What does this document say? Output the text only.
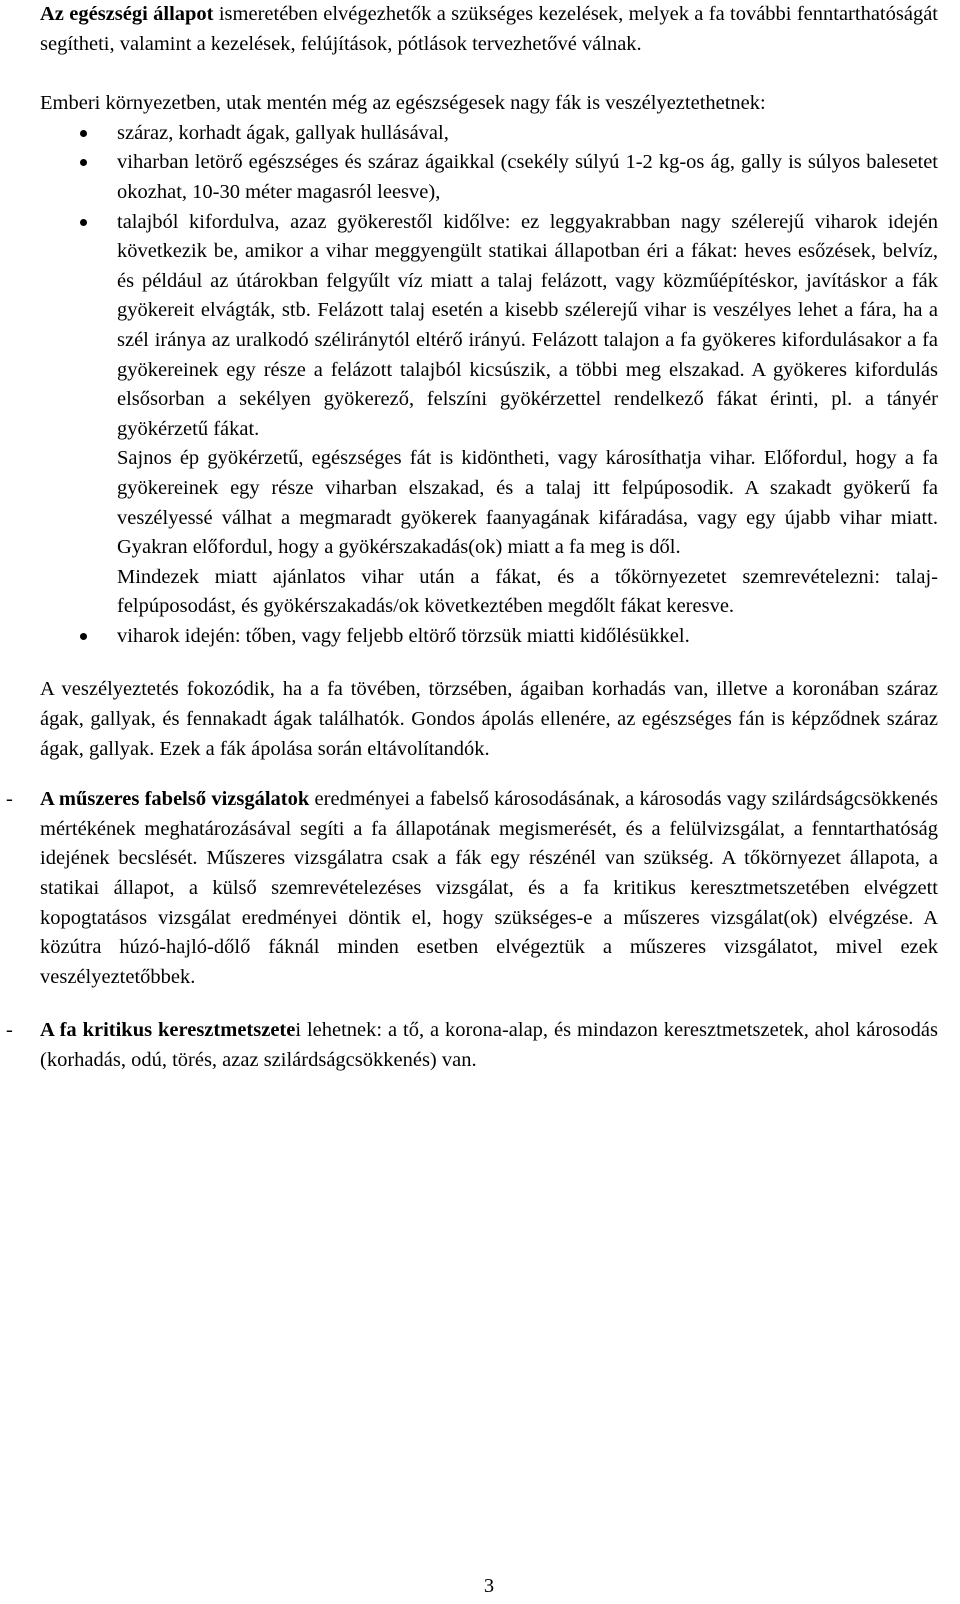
Az egészségi állapot ismeretében elvégezhetők a szükséges kezelések, melyek a fa további fenntarthatóságát segítheti, valamint a kezelések, felújítások, pótlások tervezhetővé válnak.

Emberi környezetben, utak mentén még az egészségesek nagy fák is veszélyeztethetnek:

száraz, korhadt ágak, gallyak hullásával,

viharban letörő egészséges és száraz ágaikkal (csekély súlyú 1-2 kg-os ág, gally is súlyos balesetet okozhat, 10-30 méter magasról leesve),

talajból kifordulva, azaz gyökerestől kidőlve: ez leggyakrabban nagy szélerejű viharok idején következik be, amikor a vihar meggyengült statikai állapotban éri a fákat: heves esőzések, belvíz, és például az útárokban felgyűlt víz miatt a talaj felázott, vagy közműépítéskor, javításkor a fák gyökereit elvágták, stb. Felázott talaj esetén a kisebb szélerejű vihar is veszélyes lehet a fára, ha a szél iránya az uralkodó széliránytól eltérő irányú. Felázott talajon a fa gyökeres kifordulásakor a fa gyökereinek egy része a felázott talajból kicsúszik, a többi meg elszakad. A gyökeres kifordulás elsősorban a sekélyen gyökerező, felszíni gyökérzettel rendelkező fákat érinti, pl. a tányér gyökérzetű fákat.

Sajnos ép gyökérzetű, egészséges fát is kidöntheti, vagy károsíthatja vihar. Előfordul, hogy a fa gyökereinek egy része viharban elszakad, és a talaj itt felpúposodik. A szakadt gyökerű fa veszélyessé válhat a megmaradt gyökerek faanyagának kifáradása, vagy egy újabb vihar miatt. Gyakran előfordul, hogy a gyökérszakadás(ok) miatt a fa meg is dől.

Mindezek miatt ajánlatos vihar után a fákat, és a tőkörnyezetet szemrevételezni: talaj-felpúposodást, és gyökérszakadás/ok következtében megdőlt fákat keresve.

viharok idején: tőben, vagy feljebb eltörő törzsük miatti kidőlésükkel.

A veszélyeztetés fokozódik, ha a fa tövében, törzsében, ágaiban korhadás van, illetve a koronában száraz ágak, gallyak, és fennakadt ágak találhatók. Gondos ápolás ellenére, az egészséges fán is képződnek száraz ágak, gallyak. Ezek a fák ápolása során eltávolítandók.

- A műszeres fabelső vizsgálatok eredményei a fabelső károsodásának, a károsodás vagy szilárdságcsökkenés mértékének meghatározásával segíti a fa állapotának megismerését, és a felülvizsgálat, a fenntarthatóság idejének becslését. Műszeres vizsgálatra csak a fák egy részénél van szükség. A tőkörnyezet állapota, a statikai állapot, a külső szemrevételezéses vizsgálat, és a fa kritikus keresztmetszetében elvégzett kopogtatásos vizsgálat eredményei döntik el, hogy szükséges-e a műszeres vizsgálat(ok) elvégzése. A közútra húzó-hajló-dőlő fáknál minden esetben elvégeztük a műszeres vizsgálatot, mivel ezek veszélyeztetőbbek.

- A fa kritikus keresztmetszetei lehetnek: a tő, a korona-alap, és mindazon keresztmetszetek, ahol károsodás (korhadás, odú, törés, azaz szilárdságcsökkenés) van.

3
